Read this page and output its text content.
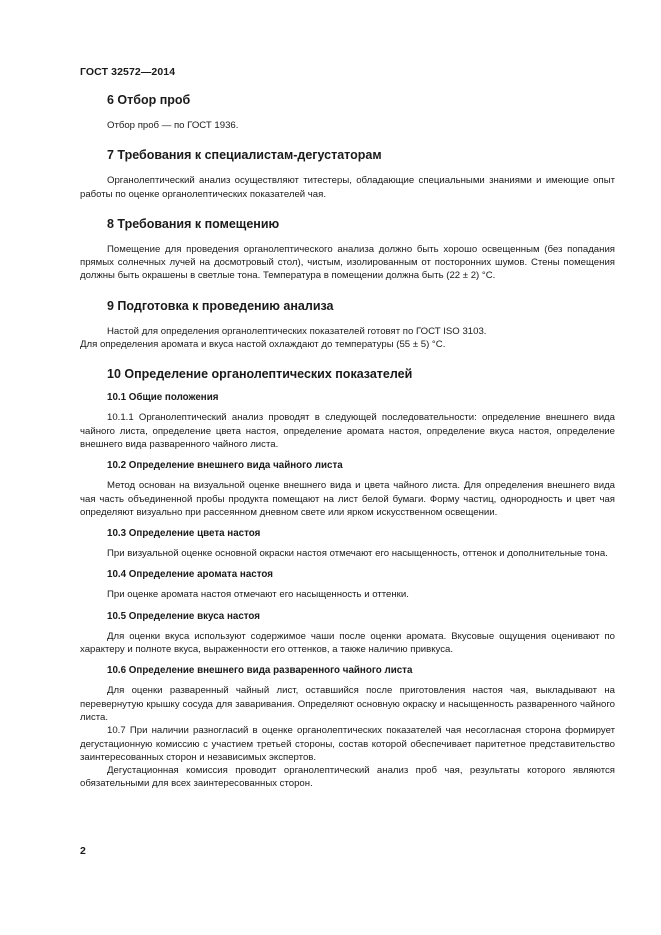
ГОСТ 32572—2014
6 Отбор проб

Отбор проб — по ГОСТ 1936.

7 Требования к специалистам-дегустаторам

Органолептический анализ осуществляют титестеры, обладающие специальными знаниями и имеющие опыт работы по оценке органолептических показателей чая.

8 Требования к помещению

Помещение для проведения органолептического анализа должно быть хорошо освещенным (без попадания прямых солнечных лучей на досмотровый стол), чистым, изолированным от посторонних шумов. Стены помещения должны быть окрашены в светлые тона. Температура в помещении должна быть (22 ± 2) °С.

9 Подготовка к проведению анализа

Настой для определения органолептических показателей готовят по ГОСТ ISO 3103.

Для определения аромата и вкуса настой охлаждают до температуры (55 ± 5) °С.

10 Определение органолептических показателей
10.1 Общие положения

10.1.1 Органолептический анализ проводят в следующей последовательности: определение внешнего вида чайного листа, определение цвета настоя, определение аромата настоя, определение вкуса настоя, определение внешнего вида разваренного чайного листа.

10.2 Определение внешнего вида чайного листа

Метод основан на визуальной оценке внешнего вида и цвета чайного листа. Для определения внешнего вида чая часть объединенной пробы продукта помещают на лист белой бумаги. Форму частиц, однородность и цвет чая определяют визуально при рассеянном дневном свете или ярком искусственном освещении.

10.3 Определение цвета настоя

При визуальной оценке основной окраски настоя отмечают его насыщенность, оттенок и дополнительные тона.

10.4 Определение аромата настоя

При оценке аромата настоя отмечают его насыщенность и оттенки.

10.5 Определение вкуса настоя

Для оценки вкуса используют содержимое чаши после оценки аромата. Вкусовые ощущения оценивают по характеру и полноте вкуса, выраженности его оттенков, а также наличию привкуса.

10.6 Определение внешнего вида разваренного чайного листа

Для оценки разваренный чайный лист, оставшийся после приготовления настоя чая, выкладывают на перевернутую крышку сосуда для заваривания. Определяют основную окраску и насыщенность разваренного чайного листа.

10.7 При наличии разногласий в оценке органолептических показателей чая несогласная сторона формирует дегустационную комиссию с участием третьей стороны, состав которой обеспечивает паритетное представительство заинтересованных сторон и независимых экспертов.

Дегустационная комиссия проводит органолептический анализ проб чая, результаты которого являются обязательными для всех заинтересованных сторон.

2
